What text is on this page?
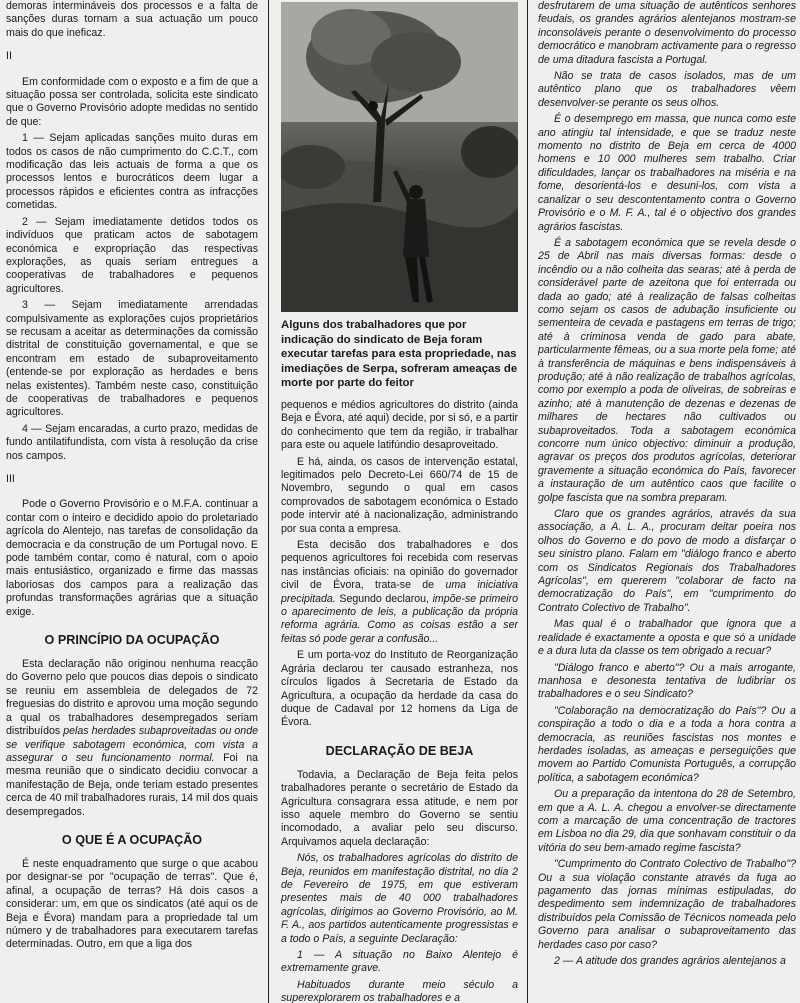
demoras intermináveis dos processos e a falta de sanções duras tornam a sua actuação um pouco mais do que ineficaz.

II

Em conformidade com o exposto e a fim de que a situação possa ser controlada, solicita este sindicato que o Governo Provisório adopte medidas no sentido de que:

1 — Sejam aplicadas sanções muito duras em todos os casos de não cumprimento do C.C.T., com modificação das leis actuais de forma a que os processos lentos e burocráticos deem lugar a processos rápidos e eficientes contra as infracções cometidas.

2 — Sejam imediatamente detidos todos os indivíduos que praticam actos de sabotagem económica e expropriação das respectivas explorações, as quais seriam entregues a cooperativas de trabalhadores e pequenos agricultores.

3 — Sejam imediatamente arrendadas compulsivamente as explorações cujos proprietários se recusam a aceitar as determinações da comissão distrital de constituição governamental, e que se encontram em estado de subaproveitamento (entende-se por exploração as herdades e bens nelas existentes). Também neste caso, constituição de cooperativas de trabalhadores e pequenos agricultores.

4 — Sejam encaradas, a curto prazo, medidas de fundo antilatifundista, com vista à resolução da crise nos campos.

III

Pode o Governo Provisório e o M.F.A. continuar a contar com o inteiro e decidido apoio do proletariado agrícola do Alentejo, nas tarefas de consolidação da democracia e da construção de um Portugal novo. E pode também contar, como é natural, com o apoio mais entusiástico, organizado e firme das massas laboriosas dos campos para a realização das profundas transformações agrárias que a situação exige.

O PRINCÍPIO DA OCUPAÇÃO

Esta declaração não originou nenhuma reacção do Governo pelo que poucos dias depois o sindicato se reuniu em assembleia de delegados de 72 freguesias do distrito e aprovou uma moção segundo a qual os trabalhadores desempregados seriam distribuídos pelas herdades subaproveitadas ou onde se verifique sabotagem económica, com vista a assegurar o seu funcionamento normal. Foi na mesma reunião que o sindicato decidiu convocar a manifestação de Beja, onde teriam estado presentes cerca de 40 mil trabalhadores rurais, 14 mil dos quais desempregados.

O QUE É A OCUPAÇÃO

É neste enquadramento que surge o que acabou por designar-se por "ocupação de terras". Que é, afinal, a ocupação de terras? Há dois casos a considerar: um, em que os sindicatos (até aqui os de Beja e Évora) mandam para a propriedade tal um número y de trabalhadores para executarem tarefas determinadas. Outro, em que a liga dos

Alguns dos trabalhadores que por indicação do sindicato de Beja foram executar tarefas para esta propriedade, nas imediações de Serpa, sofreram ameaças de morte por parte do feitor

pequenos e médios agricultores do distrito (ainda Beja e Évora, até aqui) decide, por si só, e a partir do conhecimento que tem da região, ir trabalhar para este ou aquele latifúndio desaproveitado.

E há, ainda, os casos de intervenção estatal, legitimados pelo Decreto-Lei 660/74 de 15 de Novembro, segundo o qual em casos comprovados de sabotagem económica o Estado pode intervir até à nacionalização, administrando por sua conta a empresa.

Esta decisão dos trabalhadores e dos pequenos agricultores foi recebida com reservas nas instâncias oficiais: na opinião do governador civil de Évora, trata-se de uma iniciativa precipitada. Segundo declarou, impõe-se primeiro o aparecimento de leis, a publicação da própria reforma agrária. Como as coisas estão a ser feitas só pode gerar a confusão...

E um porta-voz do Instituto de Reorganização Agrária declarou ter causado estranheza, nos círculos ligados à Secretaria de Estado da Agricultura, a ocupação da herdade da casa do duque de Cadaval por 12 homens da Liga de Évora.

DECLARAÇÃO DE BEJA

Todavia, a Declaração de Beja feita pelos trabalhadores perante o secretário de Estado da Agricultura consagrara essa atitude, e nem por isso aquele membro do Governo se sentiu incomodado, a avaliar pelo seu discurso. Arquivamos aquela declaração:

Nós, os trabalhadores agrícolas do distrito de Beja, reunidos em manifestação distrital, no dia 2 de Fevereiro de 1975, em que estiveram presentes mais de 40 000 trabalhadores agrícolas, dirigimos ao Governo Provisório, ao M. F. A., aos partidos autenticamente progressistas e a todo o País, a seguinte Declaração:

1 — A situação no Baixo Alentejo é extremamente grave.

Habituados durante meio século a superexplorarem os trabalhadores e a

desfrutarem de uma situação de autênticos senhores feudais, os grandes agrários alentejanos mostram-se inconsoláveis perante o desenvolvimento do processo democrático e manobram activamente para o regresso de uma ditadura fascista a Portugal.

Não se trata de casos isolados, mas de um autêntico plano que os trabalhadores vêem desenvolver-se perante os seus olhos.

É o desemprego em massa, que nunca como este ano atingiu tal intensidade, e que se traduz neste momento no distrito de Beja em cerca de 4000 homens e 10 000 mulheres sem trabalho. Criar dificuldades, lançar os trabalhadores na miséria e na fome, desorientá-los e desuni-los, com vista a canalizar o seu descontentamento contra o Governo Provisório e o M. F. A., tal é o objectivo dos grandes agrários fascistas.

É a sabotagem económica que se revela desde o 25 de Abril nas mais diversas formas: desde o incêndio ou a não colheita das searas; até à perda de considerável parte de azeitona que foi enterrada ou dada ao gado; até à realização de falsas colheitas como sejam os casos de adubação insuficiente ou sementeira de cevada e pastagens em terras de trigo; até à criminosa venda de gado para abate, particularmente fêmeas, ou a sua morte pela fome; até à transferência de máquinas e bens indispensáveis à produção; até à não realização de trabalhos agrícolas, como por exemplo a poda de oliveiras, de sobreiras e azinho; até à manutenção de dezenas e dezenas de milhares de hectares não cultivados ou subaproveitados. Toda a sabotagem económica concorre num único objectivo: diminuir a produção, agravar os preços dos produtos agrícolas, deteriorar gravemente a situação económica do País, favorecer a instauração de um autêntico caos que facilite o golpe fascista que na sombra preparam.

Claro que os grandes agrários, através da sua associação, a A. L. A., procuram deitar poeira nos olhos do Governo e do povo de modo a disfarçar o seu sinistro plano. Falam em "diálogo franco e aberto com os Sindicatos Regionais dos Trabalhadores Agrícolas", em quererem "colaborar de facto na democratização do País", em "cumprimento do Contrato Colectivo de Trabalho".

Mas qual é o trabalhador que ignora que a realidade é exactamente a oposta e que só a unidade e a dura luta da classe os tem obrigado a recuar?

"Diálogo franco e aberto"? Ou a mais arrogante, manhosa e desonesta tentativa de ludibriar os trabalhadores e o seu Sindicato?

"Colaboração na democratização do País"? Ou a conspiração a todo o dia e a toda a hora contra a democracia, as reuniões fascistas nos montes e herdades isoladas, as ameaças e perseguições que movem ao Partido Comunista Português, a corrupção política, a sabotagem económica?

Ou a preparação da intentona do 28 de Setembro, em que a A. L. A. chegou a envolver-se directamente com a marcação de uma concentração de tractores em Lisboa no dia 29, dia que sonhavam constituir o da vitória do seu bem-amado regime fascista?

"Cumprimento do Contrato Colectivo de Trabalho"? Ou a sua violação constante através da fuga ao pagamento das jornas mínimas estipuladas, do despedimento sem indemnização de trabalhadores distribuídos pela Comissão de Técnicos nomeada pelo Governo para analisar o subaproveitamento das herdades caso por caso?

2 — A atitude dos grandes agrários alentejanos a
